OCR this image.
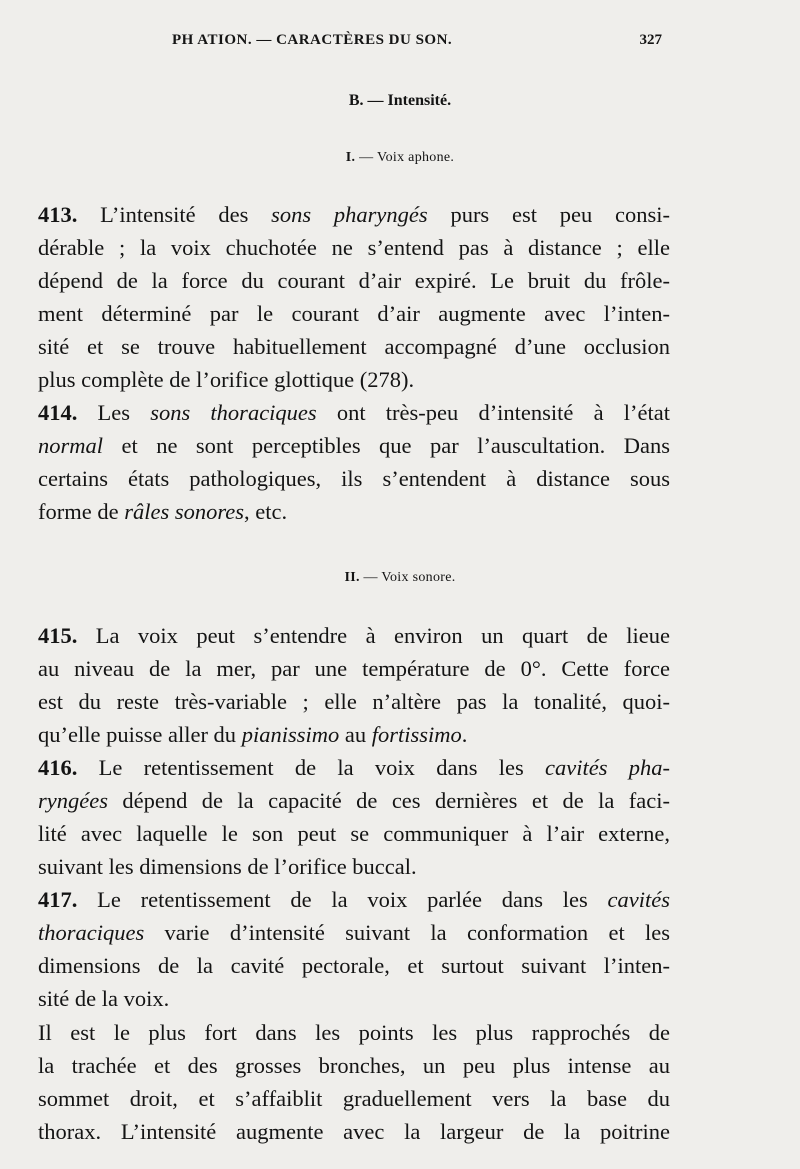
PH ATION. — CARACTÈRES DU SON.	327
B. — Intensité.
I. — Voix aphone.
413. L’intensité des sons pharyngés purs est peu consi-
dérable ; la voix chuchotée ne s’entend pas à distance ; elle
dépend de la force du courant d’air expiré. Le bruit du frôle-
ment déterminé par le courant d’air augmente avec l’inten-
sité et se trouve habituellement accompagné d’une occlusion
plus complète de l’orifice glottique (278).
414. Les sons thoraciques ont très-peu d’intensité à l’état
normal et ne sont perceptibles que par l’auscultation. Dans
certains états pathologiques, ils s’entendent à distance sous
forme de râles sonores, etc.
II. — Voix sonore.
415. La voix peut s’entendre à environ un quart de lieue
au niveau de la mer, par une température de 0°. Cette force
est du reste très-variable ; elle n’altère pas la tonalité, quoi-
qu’elle puisse aller du pianissimo au fortissimo.
416. Le retentissement de la voix dans les cavités pha-
ryngées dépend de la capacité de ces dernières et de la faci-
lité avec laquelle le son peut se communiquer à l’air externe,
suivant les dimensions de l’orifice buccal.
417. Le retentissement de la voix parlée dans les cavités
thoraciques varie d’intensité suivant la conformation et les
dimensions de la cavité pectorale, et surtout suivant l’inten-
sité de la voix.
Il est le plus fort dans les points les plus rapprochés de
la trachée et des grosses bronches, un peu plus intense au
sommet droit, et s’affaiblit graduellement vers la base du
thorax. L’intensité augmente avec la largeur de la poitrine
